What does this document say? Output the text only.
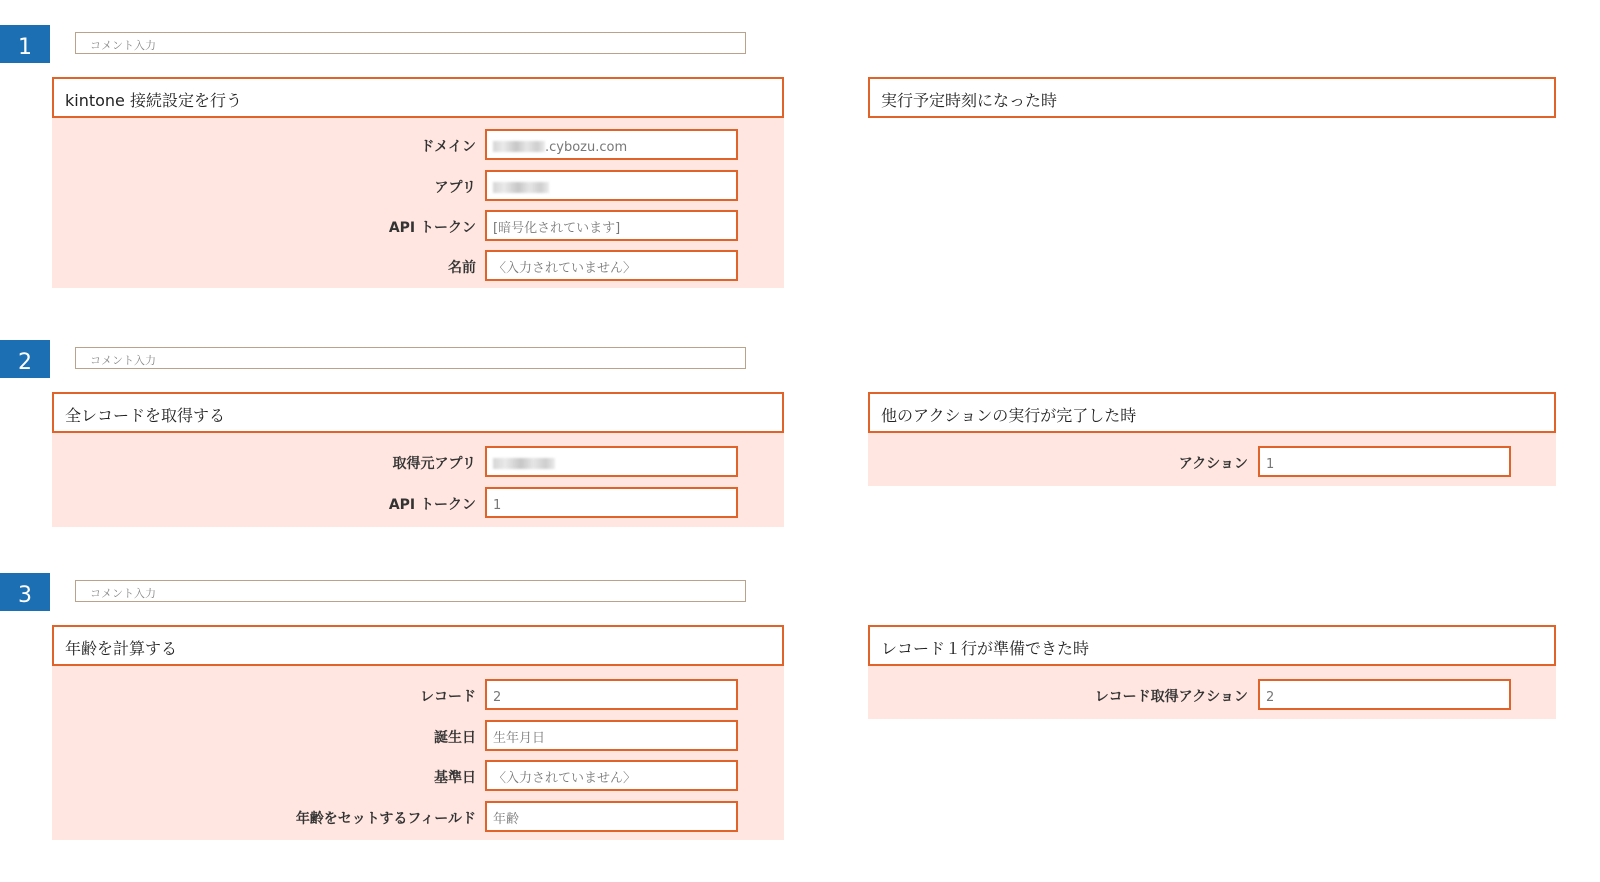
1	コメント入力
kintone 接続設定を行う
ドメイン	.cybozu.com
アプリ
API トークン	[暗号化されています]
名前	〈入力されていません〉
実行予定時刻になった時
2	コメント入力
全レコードを取得する
取得元アプリ
API トークン	1
他のアクションの実行が完了した時
アクション	1
3	コメント入力
年齢を計算する
レコード	2
誕生日	生年月日
基準日	〈入力されていません〉
年齢をセットするフィールド	年齢
レコード１行が準備できた時
レコード取得アクション	2
